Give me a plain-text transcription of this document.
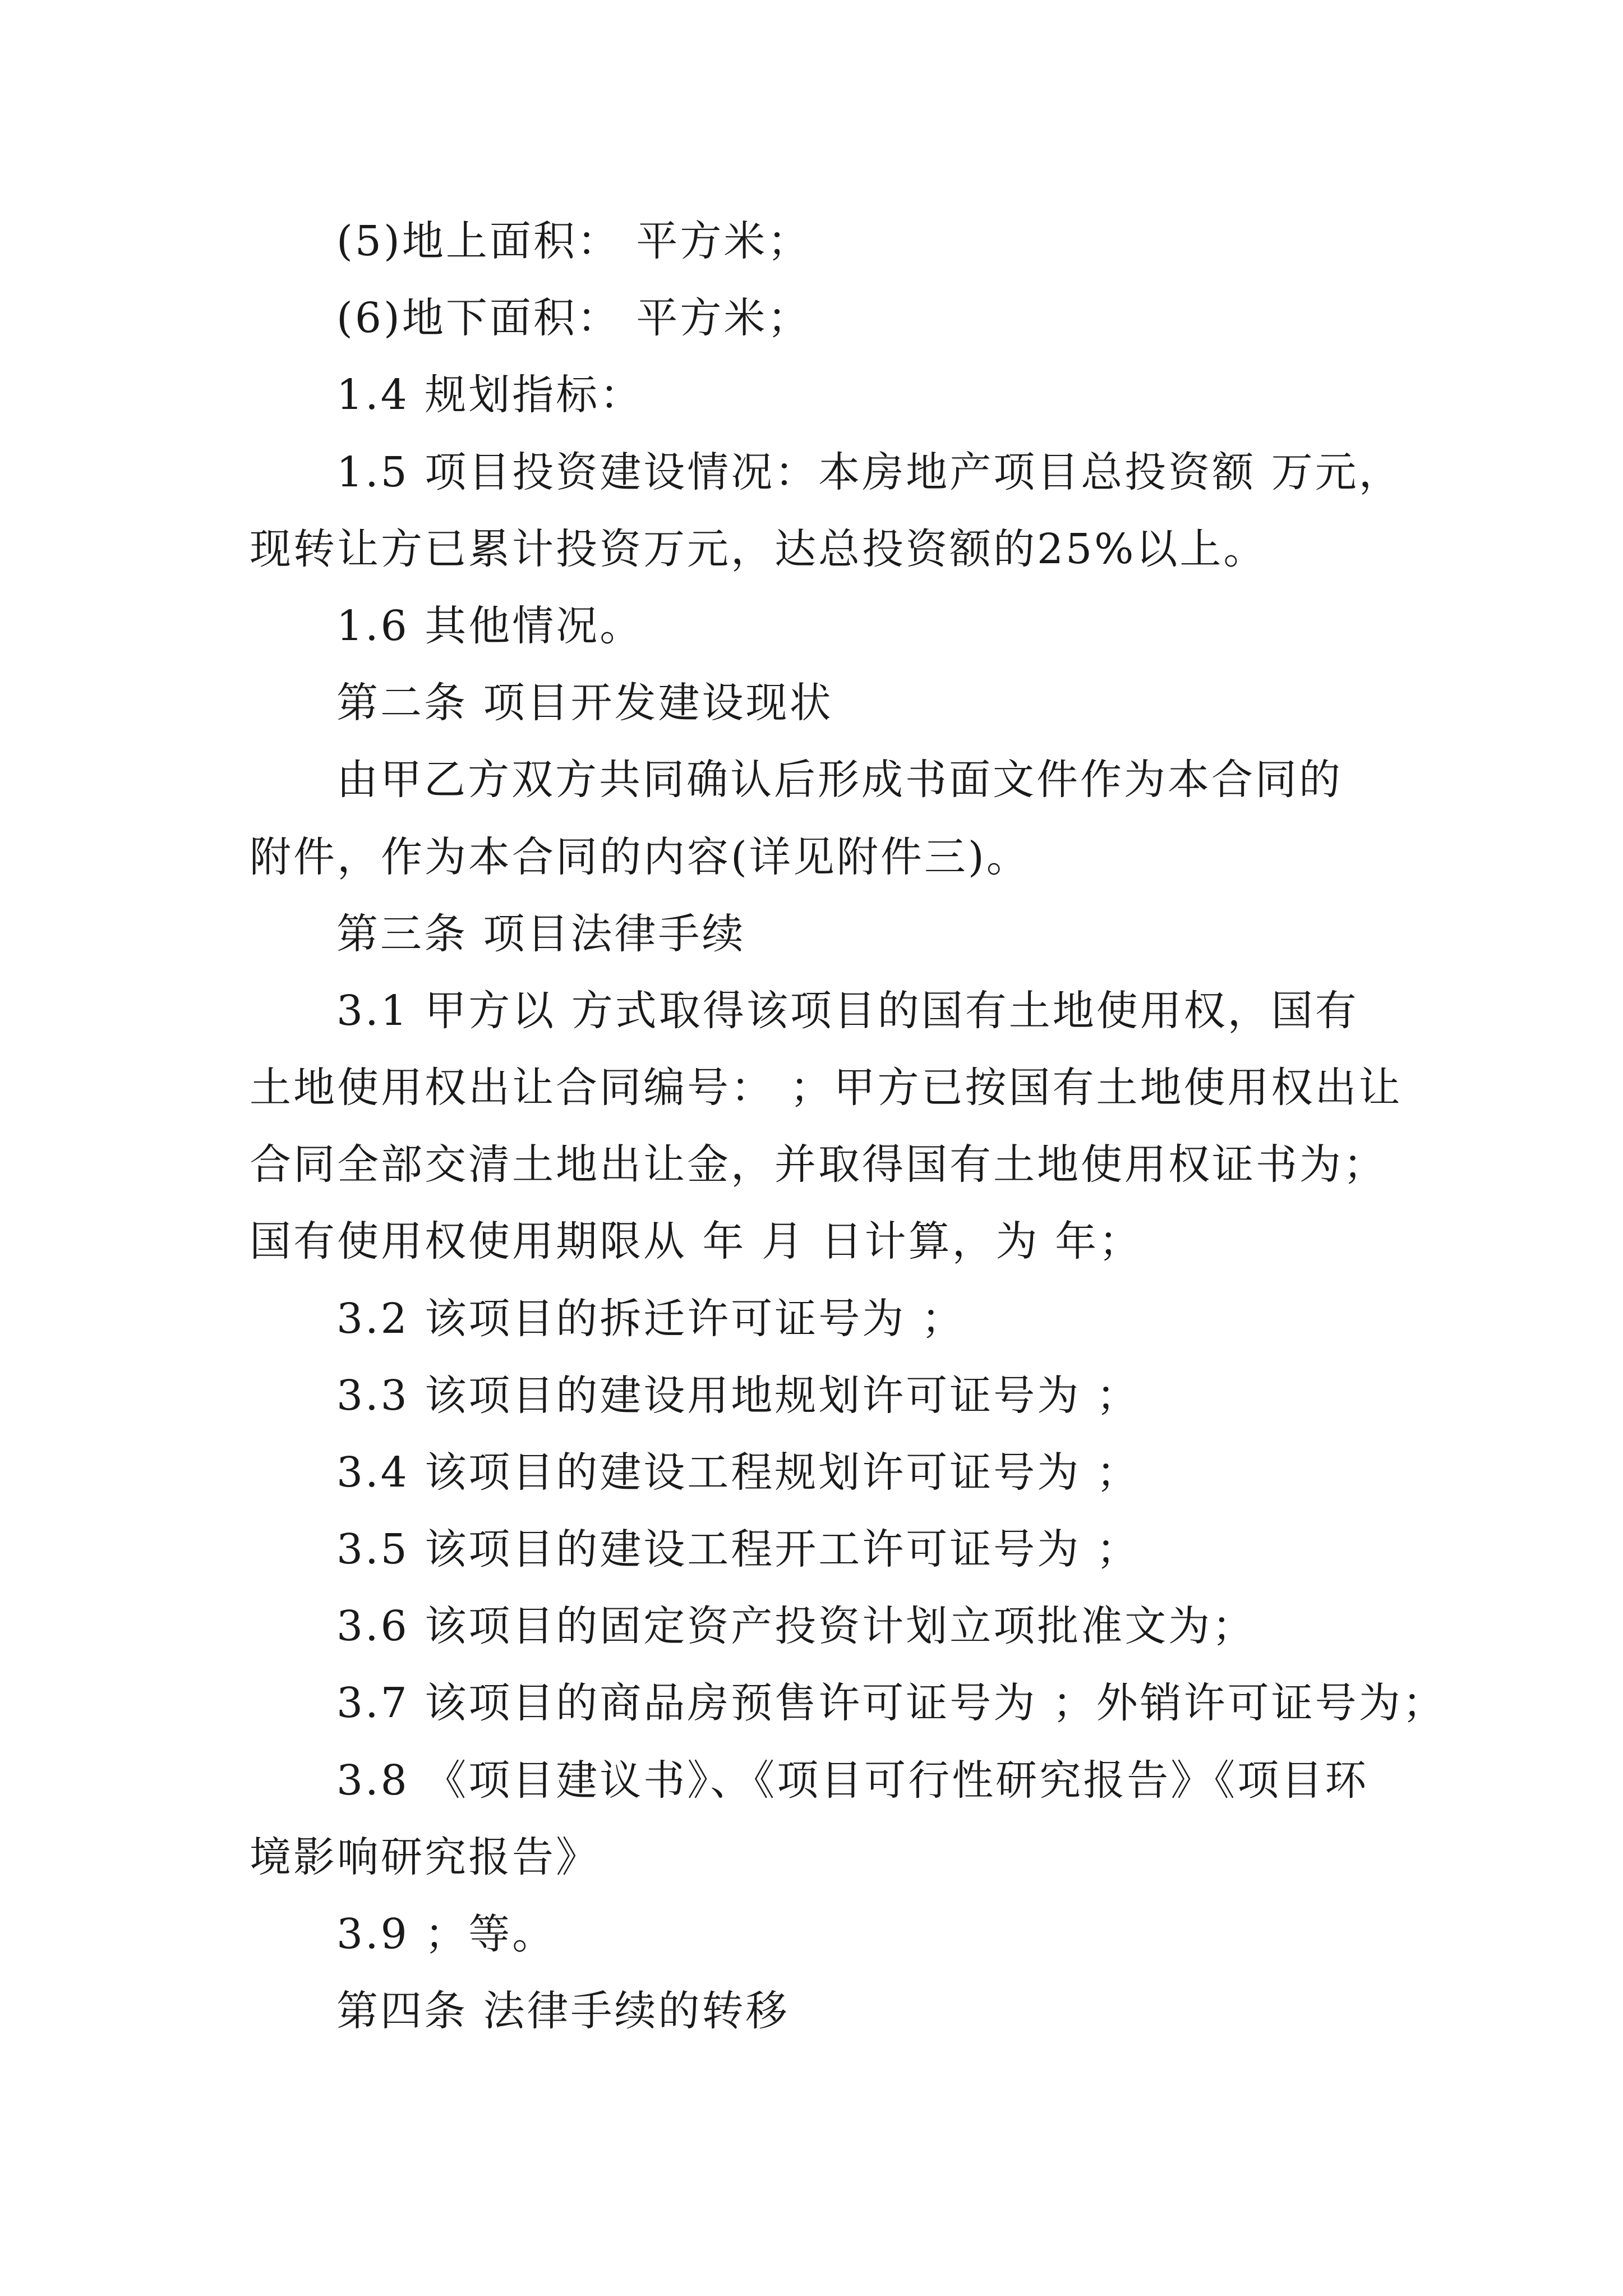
(5)地上面积： 平方米；
(6)地下面积： 平方米；
1.4 规划指标：
1.5 项目投资建设情况：本房地产项目总投资额 万元，
现转让方已累计投资万元，达总投资额的25%以上。
1.6 其他情况。
第二条 项目开发建设现状
由甲乙方双方共同确认后形成书面文件作为本合同的
附件，作为本合同的内容(详见附件三)。
第三条 项目法律手续
3.1 甲方以 方式取得该项目的国有土地使用权，国有
土地使用权出让合同编号： ；甲方已按国有土地使用权出让
合同全部交清土地出让金，并取得国有土地使用权证书为；
国有使用权使用期限从 年 月 日计算，为 年；
3.2 该项目的拆迁许可证号为 ；
3.3 该项目的建设用地规划许可证号为 ；
3.4 该项目的建设工程规划许可证号为 ；
3.5 该项目的建设工程开工许可证号为 ；
3.6 该项目的固定资产投资计划立项批准文为；
3.7 该项目的商品房预售许可证号为 ；外销许可证号为；
3.8 《项目建议书》、《项目可行性研究报告》《项目环
境影响研究报告》
3.9 ；等。
第四条 法律手续的转移
